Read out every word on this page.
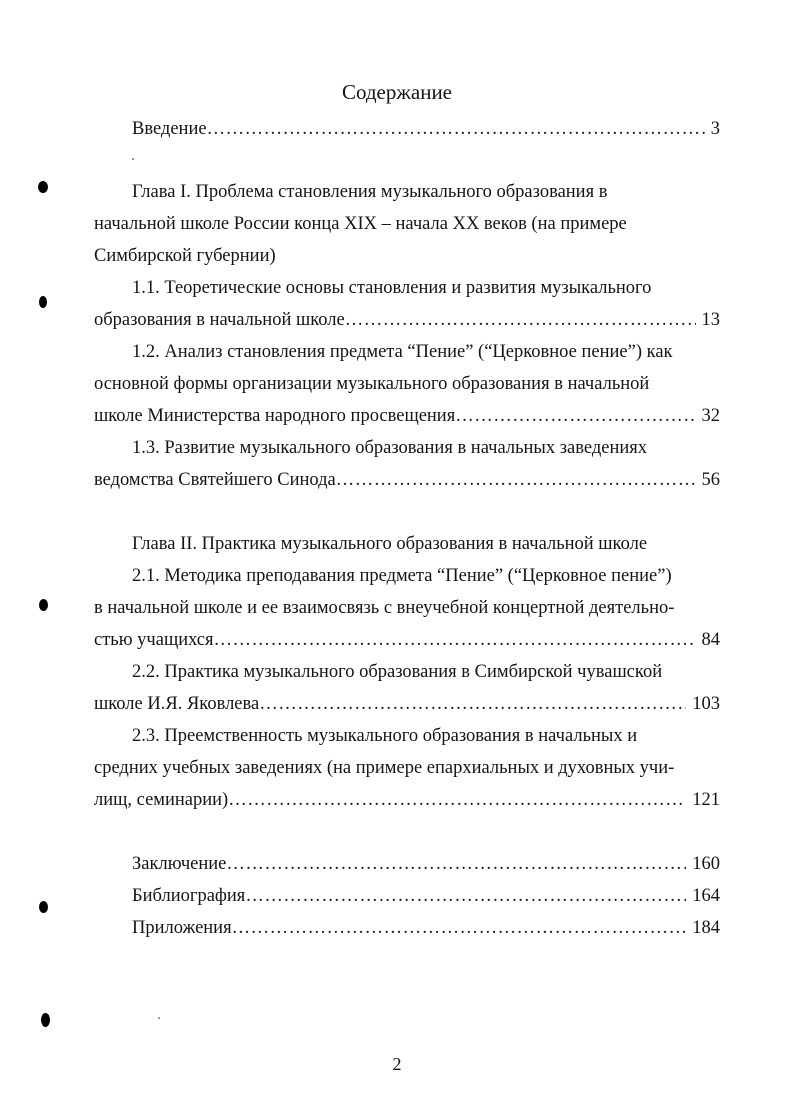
Содержание
Введение ………………………………………………………………………………………………………………………………	3
Глава I. Проблема становления музыкального образования в
начальной школе России конца XIX – начала XX веков (на примере
Симбирской губернии)
1.1. Теоретические основы становления и развития музыкального
образования в начальной школе ………………………………………………………………………………………………………………………………	13
1.2. Анализ становления предмета “Пение” (“Церковное пение”) как
основной формы организации музыкального образования в начальной
школе Министерства народного просвещения ………………………………………………………………………………………………………………………………	32
1.3. Развитие музыкального образования в начальных заведениях
ведомства Святейшего Синода ………………………………………………………………………………………………………………………………	56
Глава II. Практика музыкального образования в начальной школе
2.1. Методика преподавания предмета “Пение” (“Церковное пение”)
в начальной школе и ее взаимосвязь с внеучебной концертной деятельно-
стью учащихся ………………………………………………………………………………………………………………………………	84
2.2. Практика музыкального образования в Симбирской чувашской
школе И.Я. Яковлева ………………………………………………………………………………………………………………………………	103
2.3. Преемственность музыкального образования в начальных и
средних учебных заведениях (на примере епархиальных и духовных учи-
лищ, семинарии) ………………………………………………………………………………………………………………………………	121
Заключение ………………………………………………………………………………………………………………………………	160
Библиография ………………………………………………………………………………………………………………………………	164
Приложения ………………………………………………………………………………………………………………………………	184
2
